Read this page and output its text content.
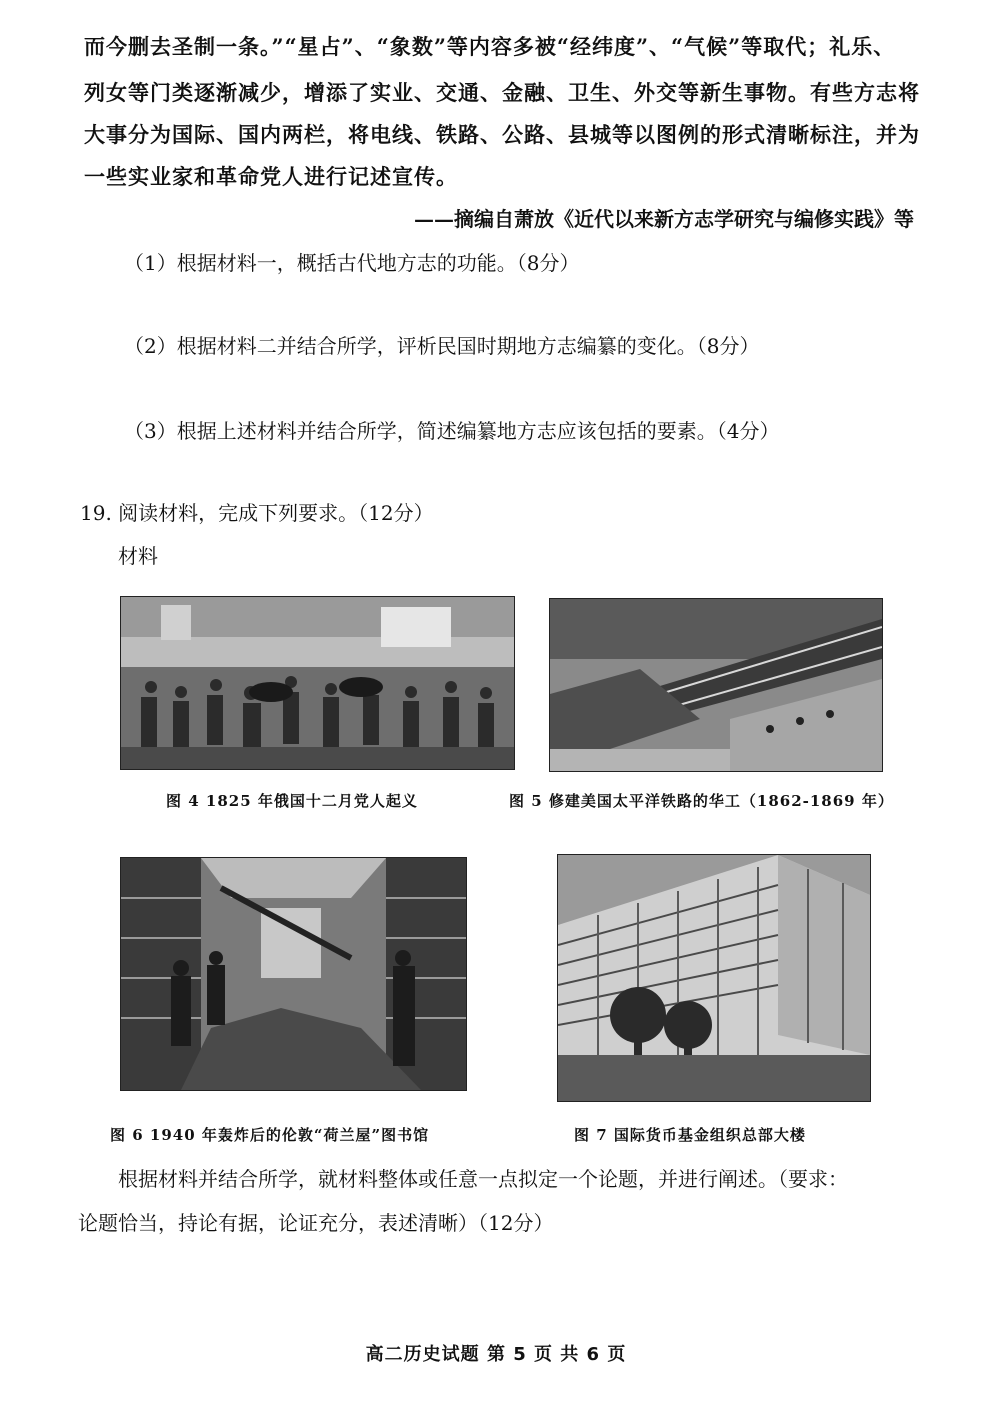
而今删去圣制一条。”“星占”、“象数”等内容多被“经纬度”、“气候”等取代；礼乐、
列女等门类逐渐减少，增添了实业、交通、金融、卫生、外交等新生事物。有些方志将
大事分为国际、国内两栏，将电线、铁路、公路、县城等以图例的形式清晰标注，并为
一些实业家和革命党人进行记述宣传。
——摘编自萧放《近代以来新方志学研究与编修实践》等
（1）根据材料一，概括古代地方志的功能。（8分）
（2）根据材料二并结合所学，评析民国时期地方志编纂的变化。（8分）
（3）根据上述材料并结合所学，简述编纂地方志应该包括的要素。（4分）
19. 阅读材料，完成下列要求。（12分）
材料
图 4 1825 年俄国十二月党人起义	图 5 修建美国太平洋铁路的华工（1862-1869 年）
图 6 1940 年轰炸后的伦敦“荷兰屋”图书馆	图 7 国际货币基金组织总部大楼
根据材料并结合所学，就材料整体或任意一点拟定一个论题，并进行阐述。（要求：
论题恰当，持论有据，论证充分，表述清晰）（12分）
高二历史试题 第 5 页 共 6 页
